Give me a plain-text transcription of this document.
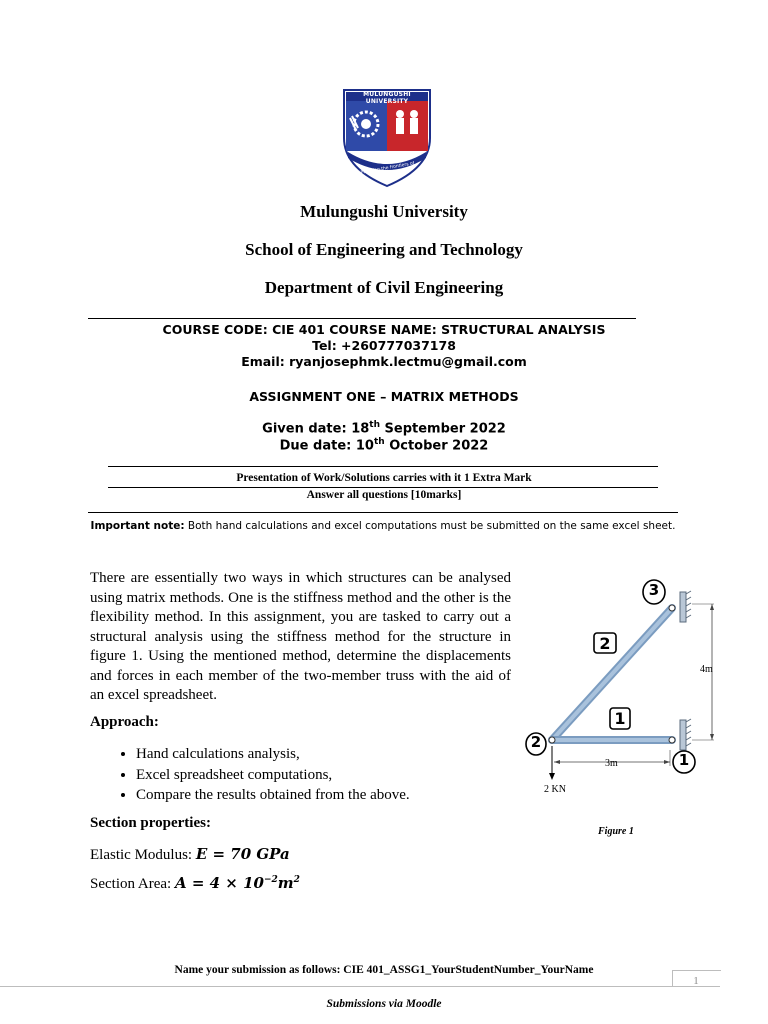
MULUNGUSHI UNIVERSITY
Pursuing the frontiers of knowledge
Mulungushi University
School of Engineering and Technology
Department of Civil Engineering
COURSE CODE: CIE 401 COURSE NAME: STRUCTURAL ANALYSIS
Tel: +260777037178
Email: ryanjosephmk.lectmu@gmail.com
ASSIGNMENT ONE – MATRIX METHODS
Given date: 18th September 2022
Due date: 10th October 2022
Presentation of Work/Solutions carries with it 1 Extra Mark
Answer all questions [10marks]
Important note: Both hand calculations and excel computations must be submitted on the same excel sheet.
There are essentially two ways in which structures can be analysed using matrix methods. One is the stiffness method and the other is the flexibility method. In this assignment, you are tasked to carry out a structural analysis using the stiffness method for the structure in figure 1. Using the mentioned method, determine the displacements and forces in each member of the two-member truss with the aid of an excel spreadsheet.
Approach:
• Hand calculations analysis,
• Excel spreadsheet computations,
• Compare the results obtained from the above.
Section properties:
Elastic Modulus: E = 70 GPa
Section Area: $A = 4 \times 10^{-2}m^2$
3
2
1
2
1
4m
3m
2 KN
Figure 1
Name your submission as follows: CIE 401_ASSG1_YourStudentNumber_YourName
1
Submissions via Moodle
